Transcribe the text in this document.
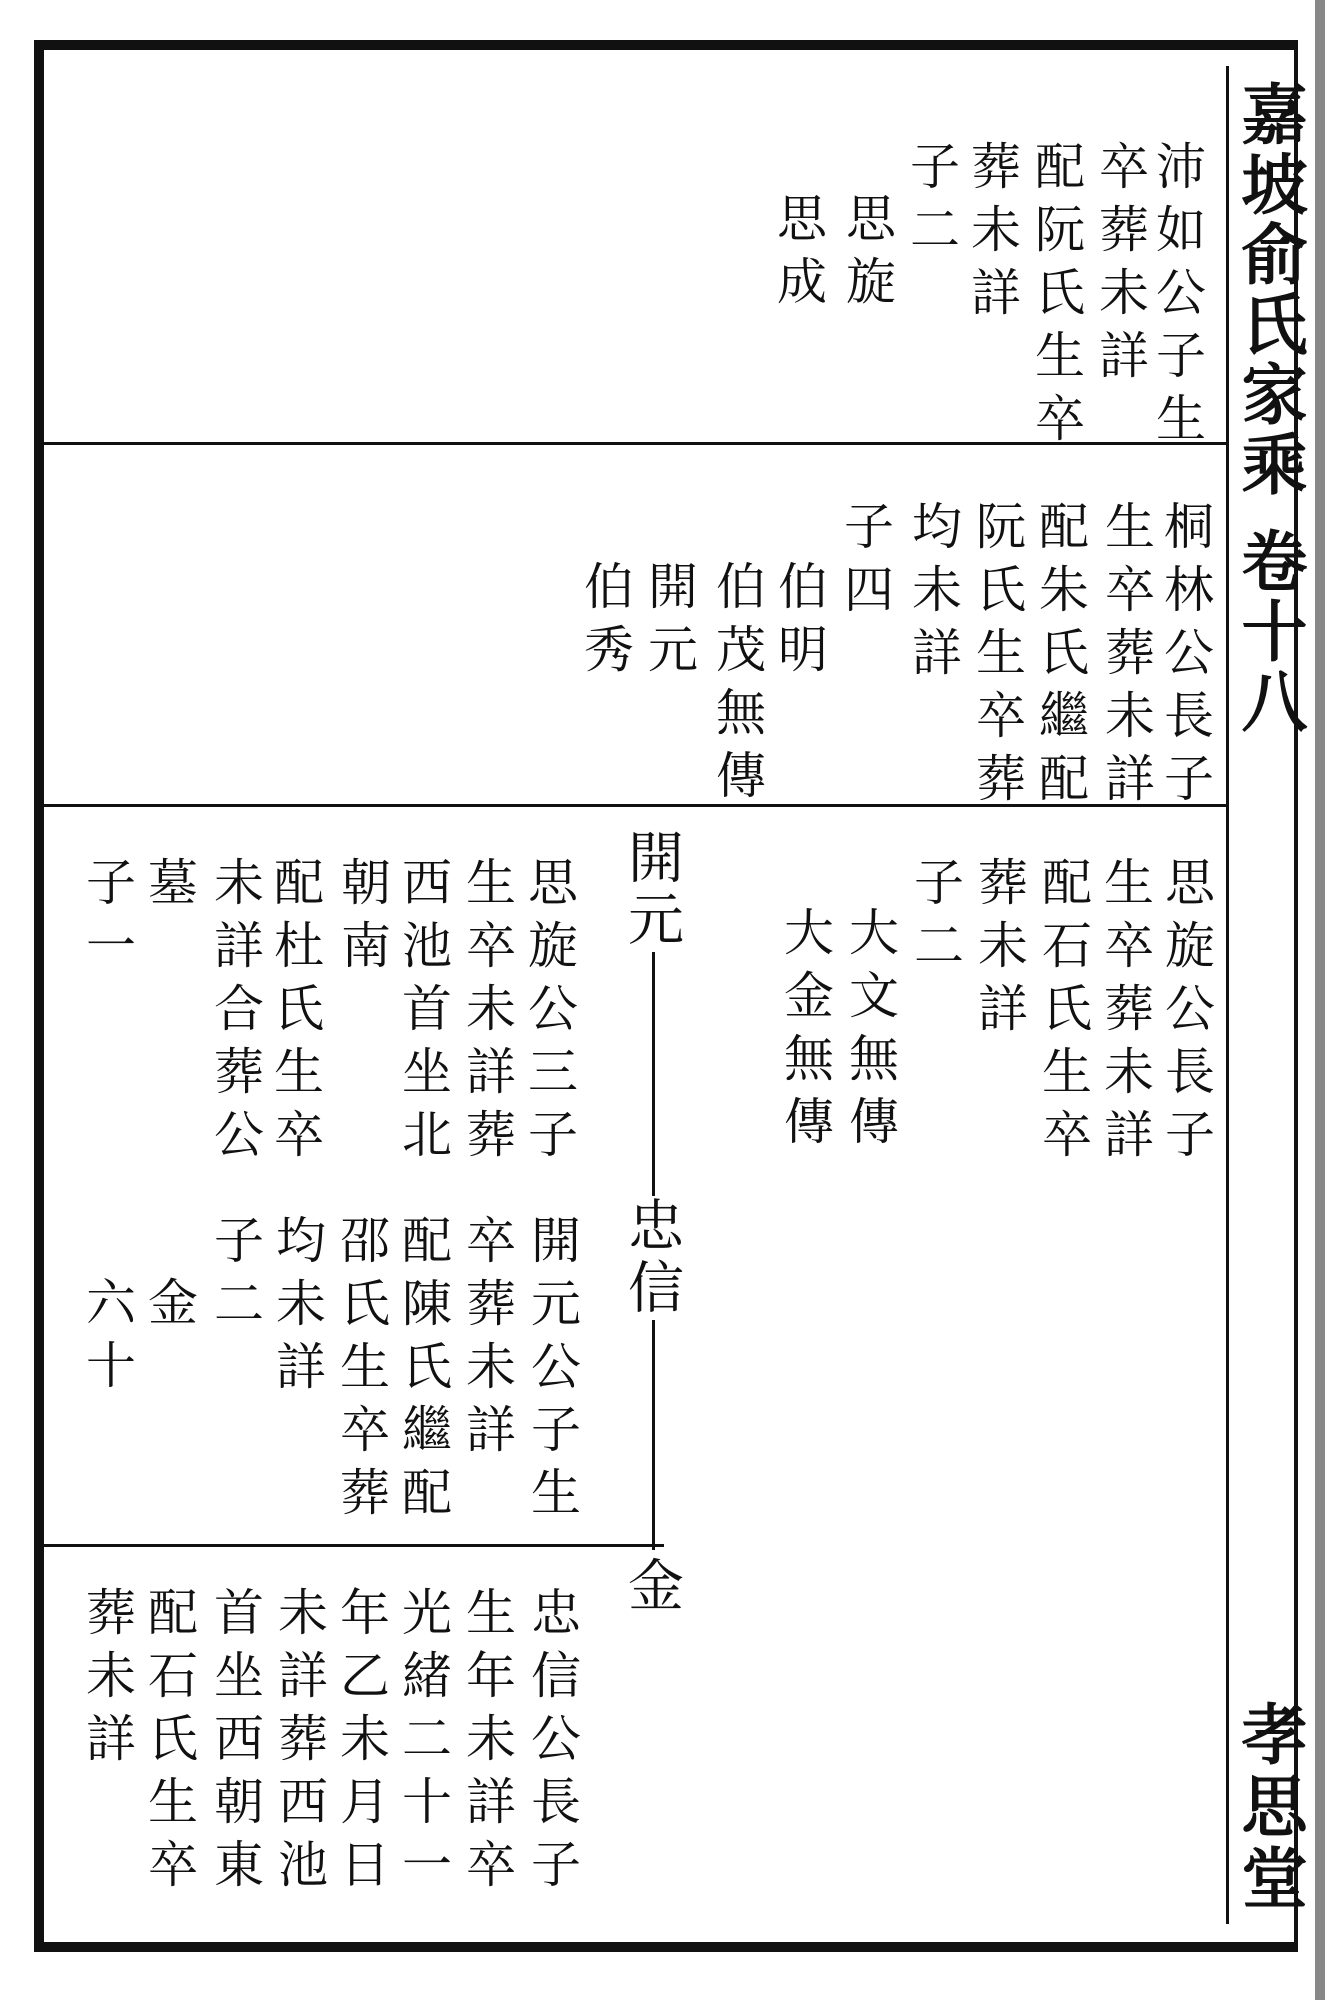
嘉坡俞氏家乘 卷十八
孝思堂
開元
忠信
金
沛如公子生
卒葬未詳
配阮氏生卒
葬未詳
子二
思旋
思成
桐林公長子
生卒葬未詳
配朱氏繼配
阮氏生卒葬
均未詳
子四
伯明
伯茂無傳
開元
伯秀
思旋公長子
生卒葬未詳
配石氏生卒
葬未詳
子二
大文無傳
大金無傳
思旋公三子
生卒未詳葬
西池首坐北
朝南
配杜氏生卒
未詳合葬公
墓
子一
開元公子生
卒葬未詳
配陳氏繼配
邵氏生卒葬
均未詳
子二
金
六十
忠信公長子
生年未詳卒
光緒二十一
年乙未月日
未詳葬西池
首坐西朝東
配石氏生卒
葬未詳
